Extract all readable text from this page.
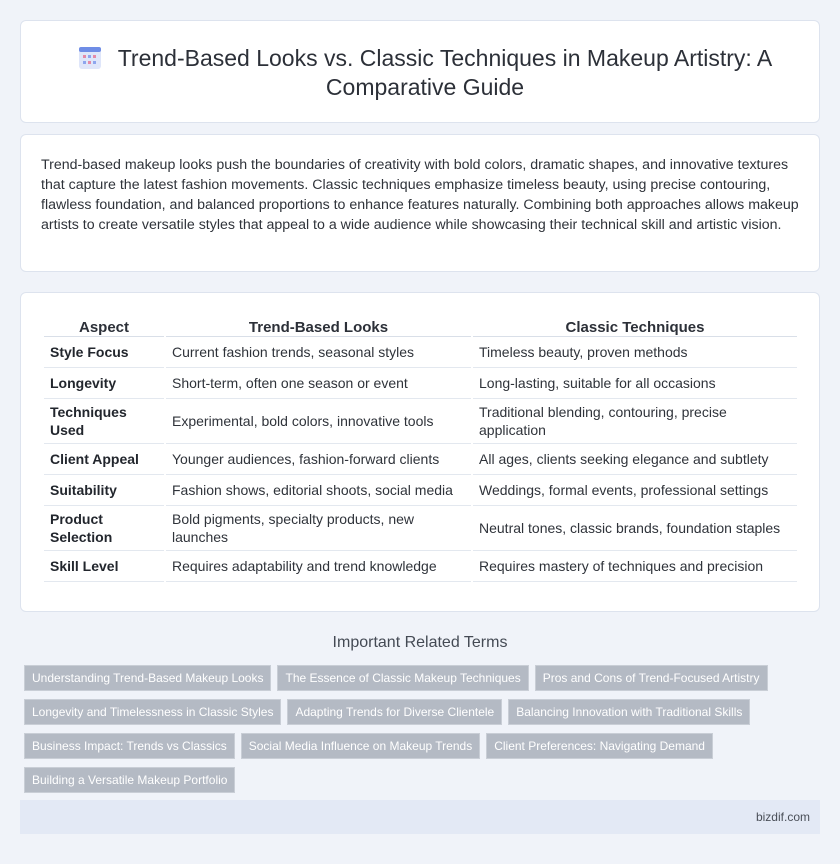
Trend-Based Looks vs. Classic Techniques in Makeup Artistry: A Comparative Guide

Trend-based makeup looks push the boundaries of creativity with bold colors, dramatic shapes, and innovative textures that capture the latest fashion movements. Classic techniques emphasize timeless beauty, using precise contouring, flawless foundation, and balanced proportions to enhance features naturally. Combining both approaches allows makeup artists to create versatile styles that appeal to a wide audience while showcasing their technical skill and artistic vision.

Aspect	Trend-Based Looks	Classic Techniques
Style Focus	Current fashion trends, seasonal styles	Timeless beauty, proven methods
Longevity	Short-term, often one season or event	Long-lasting, suitable for all occasions
Techniques Used	Experimental, bold colors, innovative tools	Traditional blending, contouring, precise application
Client Appeal	Younger audiences, fashion-forward clients	All ages, clients seeking elegance and subtlety
Suitability	Fashion shows, editorial shoots, social media	Weddings, formal events, professional settings
Product Selection	Bold pigments, specialty products, new launches	Neutral tones, classic brands, foundation staples
Skill Level	Requires adaptability and trend knowledge	Requires mastery of techniques and precision
Important Related Terms
Understanding Trend-Based Makeup Looks The Essence of Classic Makeup Techniques Pros and Cons of Trend-Focused Artistry
Longevity and Timelessness in Classic Styles Adapting Trends for Diverse Clientele Balancing Innovation with Traditional Skills
Business Impact: Trends vs Classics Social Media Influence on Makeup Trends Client Preferences: Navigating Demand
Building a Versatile Makeup Portfolio
bizdif.com
